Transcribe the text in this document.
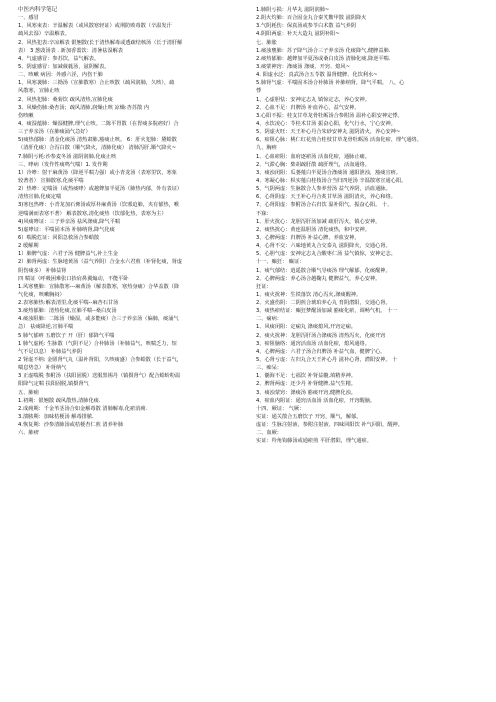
中医内科学笔记
一、感冒
1、风寒束表：辛温解表（或风散寒轻证）或荆防败毒散（辛温发汗
疏风去湿）辛温解表。
2、风热犯表:辛凉解表 银翘散(长于清热解毒或透疏结核汤（长于清肝解
表） 3 葱豉汤表 . 新加香薷饮：清暑祛湿解表
4、气虚感冒：参苏饮，益气解表。
5、阴虚感冒：加减葳蕤汤，滋阴解表。
二、咳嗽 病因：外感六淫，内伤干肺
1、风寒袭肺：三拗汤（宣肺散寒）合止咳散（疏风润肺，久咳），疏
风散寒，宣肺止咳
2、风热犯肺：桑菊饮 疏风清热,宣肺化痰
3、风燥伤肺:桑杏汤；疏风清肺,润燥止咳 凉燥:杏苏散 内
伤咳嗽
4、痰湿蕴肺：燥湿健脾,理气止咳。二陈平胃散（在胃痰多脘痞好）合
三子养亲汤（在肺痰涌气急好）
5)痰热郁肺：清金化痰汤 清热肃肺,豁痰止咳。 6：肝火犯肺：黛蛤散
（清肝化痰）合泻白散（顺气降火，清肺化痰） 清肺泻肝,顺气降火~
7.肺阴亏耗:沙参麦冬汤 滋阴润肺,化痰止咳
三、哮病（发作性痰鸣气喘）1. 发作期
1）冷哮：射干麻黄汤（降逆平喘力强）或小青龙汤（表寒里饮，寒象
较著者） 宣肺散寒,化痰平喘
2）热哮：定喘汤（或热痰哮）或越婢加半夏汤（肺热内郁，外有表证）
清热宣肺,化痰定喘
3)寒包热哮：小青龙加石膏汤或厚朴麻黄汤（饮邪迫肺，夹有郁热，喉
逆喘满而表寒不著） 解表散寒,清化痰热（饮郁化热，表寒为主）
4)风痰哮证：三子养亲汤 祛风涤痰,降气平喘
5)虚哮证：平喘固本汤 补肺纳肾,降气化痰
6）喘脱危证：回阳急救汤合参蛤散
2 缓解期
1）肺脾气虚：六君子汤 健脾益气,补土生金
2）肺肾两虚：生脉地黄汤（益气养阴）合金水六君煎（补肾化痰，肾虚
阴伤痰多） 补肺益肾
四 喘证（呼吸困难张口抬肩鼻翼煽动，不能平卧
1.风寒壅肺：宣肺散寒---麻黄汤（解表散寒，寒热身痛）合华盖散（降
气化痰，咳嗽胸闷）
2.表寒肺热:解表清里,化痰平喘--麻杏石甘汤
3.痰热郁肺：清热化痰,宣肺平喘--桑白皮汤
4.痰浊阻肺：二陈汤（燥湿，或多能痰）合三子养亲汤（偏肺，痰涌气
急） 祛痰降逆,宣肺平喘
5 肺气郁痹 五磨饮子 开（肝）郁降气平喘
1 肺气虚耗: 生脉散（气阴不足）合补肺汤（补肺益气，咳喘乏力，短
气不足以息） 补肺益气养阴
2 肾虚不纳: 金匮肾气丸（温补肾阳，久咳痰盛）合参蛤散（长于益气，
喘息势急） 补肾纳气
3 正虚喘脱 参附汤（扶阳固脱）送服黑锡丹（镇摄肾气）配合蛤蚧粉温
阳降气定喘 扶阳固脱,镇摄肾气
五、肺痈
1.初期：银翘散 疏风散热,清肺化痰.
2.成痈期：千金苇茎汤合如金解毒散 清肺解毒,化瘀消痈.
3.溃脓期：加味桔梗汤 解毒排脓.
4.恢复期：沙参清肺汤或桔梗杏仁煎 清养补肺
六、肺痨
1.肺阴亏损：月华丸 滋阴润肺~
2.阴火灼肺：百合固金丸合秦艽鳖甲散 滋阴降火
3.气阴耗伤：保真汤或参苓白术散 益气养阴
4.阴阳两虚：补天大造丸 滋阴补阳~
七、肺胀
1.痰浊壅肺：苏子降气汤合三子养亲汤 化痰降气,健脾益肺.
2.痰热郁肺：越婢加半夏汤或桑白皮汤 清肺化痰,降逆平喘.
3.痰蒙神窍：涤痰汤 涤痰、开窍、熄风~
4. 阳虚水泛：真武汤合五苓散 温肾健脾、化饮利水~
5.肺肾气虚：平喘固本汤合补肺汤 补肺纳肾，降气平喘。 八、心
悸
1、心虚胆怯：安神定志丸 镇惊定志，养心安神。
2、心血不足：归脾汤 补血养心，益气安神。
3.心阳不振：桂支甘草龙骨牡蛎汤合参附汤 温补心阳安神定悸。
4、水饮凌心：苓桂术甘汤 振奋心阳，化气行水，宁心安神。
5、阴虚火旺：天王补心丹合朱砂安神丸 滋阴清火，养心安神~
6、瘀阻心脉：桃仁红花煎合桂枝甘草龙骨牡蛎汤 活血化瘀、理气通络。
九、胸痹
1、心血瘀阻：血府逐瘀汤 活血化瘀，通脉止痛。
2、气滞心胸：柴胡疏肝散 疏肝理气，活血通络。
3、痰浊闭阻：瓜蒌薤白半夏汤合涤痰汤 通阳泄浊，豁痰宣痹。
4、寒凝心脉：枳实薤白桂枝汤合当归四逆汤 辛温散寒宣通心阳。
5、气阴两虚：生脉散合人参养营汤 益气养阴，活血通脉。
6、心肾阴虚：天王补心丹合炙甘草汤 滋阴清火，养心和络。
7、心肾阳虚：参附汤合右归饮 温补阳气，振奋心阳。 十、
不寐：
1、肝火扰心：龙胆泻肝汤加减 疏肝泻火，镇心安神。
2、痰热扰心：黄连温胆汤 清化痰热，和中安神。
3、心脾两虚：归脾汤 补益心脾，养血安神。
4、心肾不交：六味地黄丸合交泰丸 滋阴降火，交通心肾。
5、心胆气虚：安神定志丸合酸枣仁汤 益气镇惊，安神定志。
十一、癫狂： 癫证：
1、痰气郁结：逍遥散合顺气导痰汤 理气解郁，化痰醒神。
2、心脾两虚：养心汤合越鞠丸 健脾益气，养心安神。
狂证：
1、痰火扰神：生铁落饮 清心泻火,涤痰醒神。
2、火盛伤阴：二阴煎合琥珀养心丸 育阴潜阳，交通心肾。
3、痰热瘀结证：癫狂梦醒汤加减 豁痰化瘀，调畅气机。 十一
二、痫病：
1、风痰闭阻：定痫丸 涤痰熄风,开窍定痫。
2、痰火扰神：龙胆泻肝汤合涤痰汤 清热泻火，化痰开窍
3、瘀阻脑络：通窍活血汤 活血化瘀，熄风通络。
4、心脾两虚：六君子汤合归脾汤 补益气血，健脾宁心。
5、心肾亏虚：左归丸合天王补心丹 滋补心肾，潜阳安神。 十
三、痴呆：
1、髓海不足：七福饮 补肾益髓,填精养神。
2、脾肾两虚：还少丹 补肾健脾,益气生精。
3、痰浊蒙窍：涤痰汤 豁痰开窍,健脾化浊。
4、瘀血内阻证：通窍活血汤 活血化瘀，开窍醒脑。
十四、厥证： 气厥：
实证：通关散合五磨饮子 开窍，顺气，解郁。
虚证：生脉注射液、参附注射液、四味回阳饮 补气回阳，醒神。
二、血厥：
实证：羚角钩藤汤或通瘀煎 平肝潜阳，理气通瘀。
